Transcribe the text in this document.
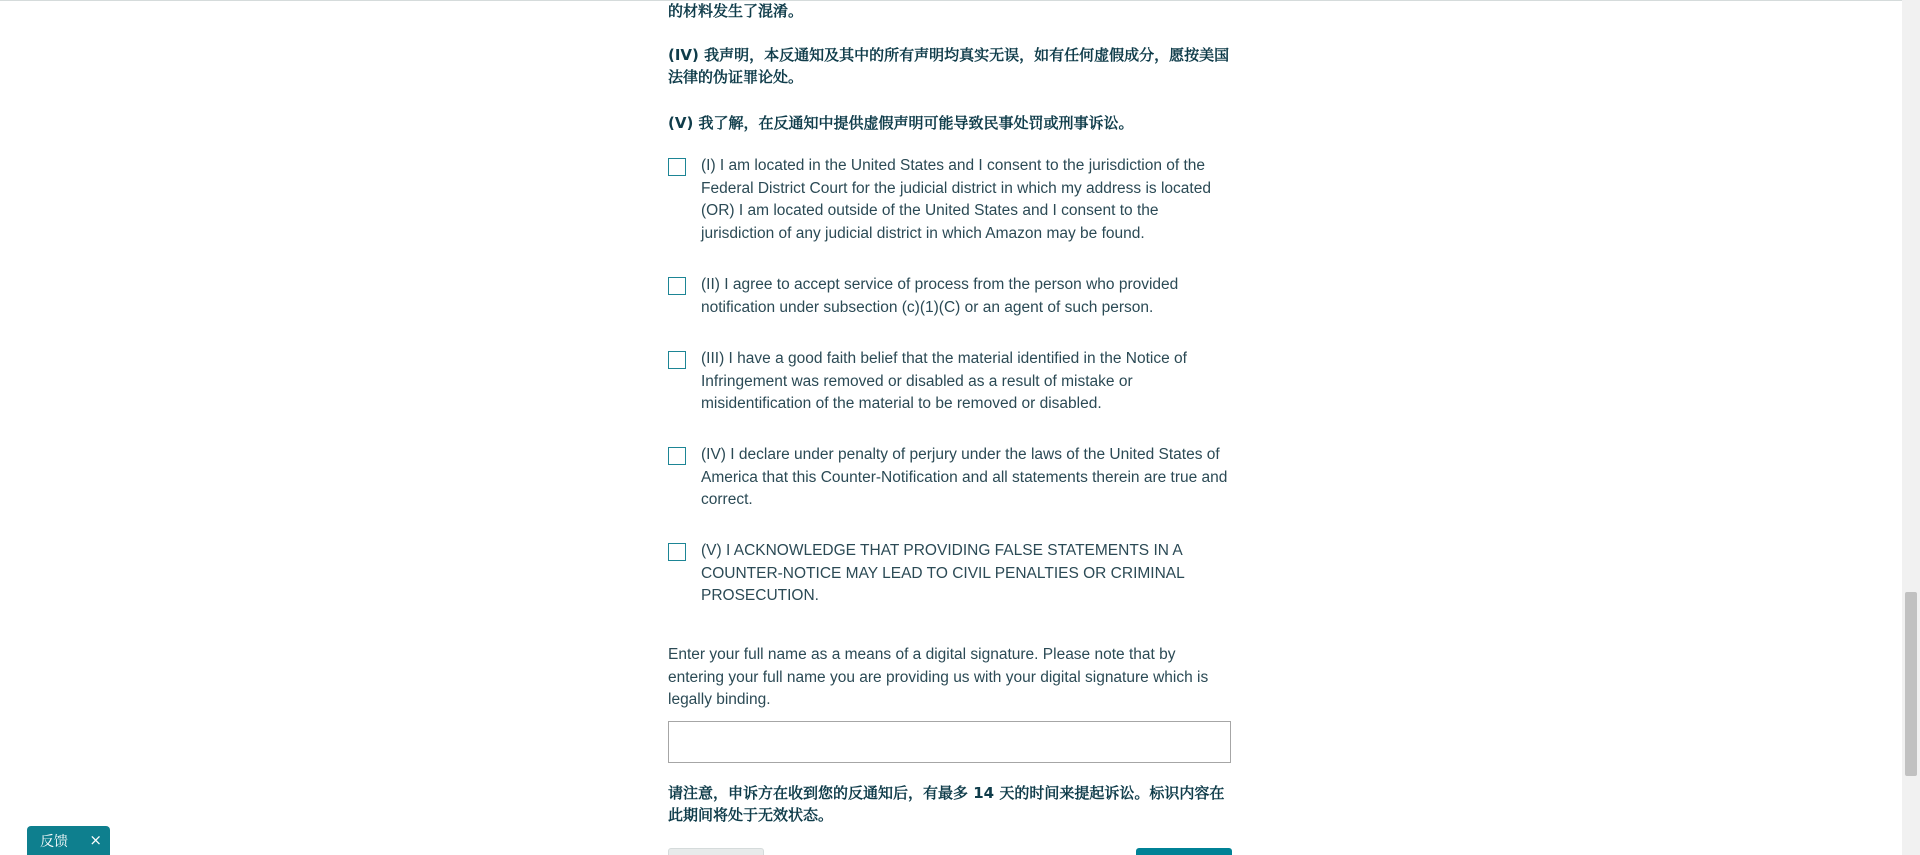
的材料发生了混淆。

(IV) 我声明，本反通知及其中的所有声明均真实无误，如有任何虚假成分，愿按美国法律的伪证罪论处。

(V) 我了解，在反通知中提供虚假声明可能导致民事处罚或刑事诉讼。

(I) I am located in the United States and I consent to the jurisdiction of the Federal District Court for the judicial district in which my address is located (OR) I am located outside of the United States and I consent to the jurisdiction of any judicial district in which Amazon may be found.
(II) I agree to accept service of process from the person who provided notification under subsection (c)(1)(C) or an agent of such person.
(III) I have a good faith belief that the material identified in the Notice of Infringement was removed or disabled as a result of mistake or misidentification of the material to be removed or disabled.
(IV) I declare under penalty of perjury under the laws of the United States of America that this Counter-Notification and all statements therein are true and correct.
(V) I ACKNOWLEDGE THAT PROVIDING FALSE STATEMENTS IN A COUNTER-NOTICE MAY LEAD TO CIVIL PENALTIES OR CRIMINAL PROSECUTION.

Enter your full name as a means of a digital signature. Please note that by entering your full name you are providing us with your digital signature which is legally binding.

请注意，申诉方在收到您的反通知后，有最多 14 天的时间来提起诉讼。标识内容在此期间将处于无效状态。

反馈 ×
